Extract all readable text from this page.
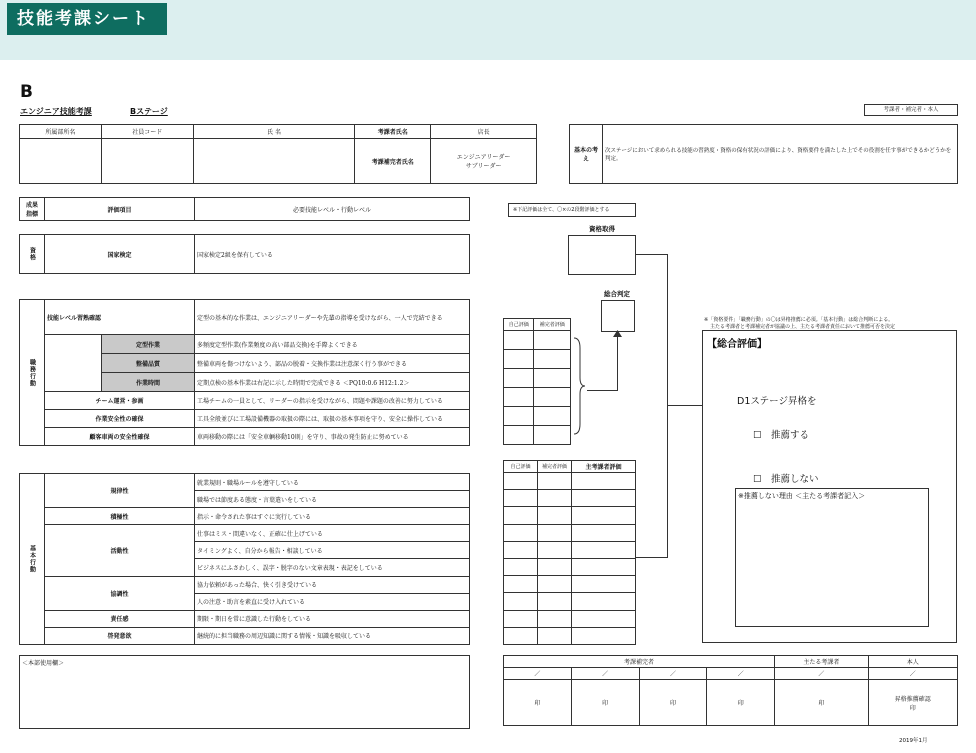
技能考課シート
B
エンジニア技能考課	Bステージ	考課者・補完者・本人
所属部所名	社員コード	氏 名	考課者氏名	店長
			考課補完者氏名	エンジニアリーダー
サブリーダー
基本の考え	次ステージにおいて求められる技能の習熟度・資格の保有状況の評価により、資格要件を満たした上でその役割を任す事ができるかどうかを判定。
成果
指標
	評価項目	必要技能レベル・行動レベル	※下記評価は全て、〇×の2段階評価とする
資格	国家検定	国家検定2級を保有している
資格取得
職務行動	技能レベル習熟確認		定型の基本的な作業は、エンジニアリーダーや先輩の指導を受けながら、一人で完結できる
		定型作業	多頻度定型作業(作業頻度の高い部品交換)を手際よくできる
		整備品質	整備車両を傷つけないよう、部品の脱着・交換作業は注意深く行う事ができる
		作業時間	定期点検の基本作業は右記に示した時間で完成できる ＜PQ10:0.6 H12:1.2＞
	チーム運営・参画		工場チームの一員として、リーダーの指示を受けながら、問題や課題の改善に努力している
	作業安全性の確保		工具全般並びに工場設備機器の取扱の際には、取扱の基本事項を守り、安全に操作している
	顧客車両の安全性確保		車両移動の際には「安全車輌移動10則」を守り、事故の発生防止に努めている
自己評価	補完者評価

総合判定
基本行動	規律性	就業規則・職場ルールを遵守している
		職場では節度ある態度・言葉遣いをしている
	積極性	指示・命令された事はすぐに実行している
	活動性	仕事はミス・間違いなく、正確に仕上げている
		タイミングよく、自分から報告・相談している
		ビジネスにふさわしく、誤字・脱字のない文章表現・表記をしている
	協調性	協力依頼があった場合、快く引き受けている
		人の注意・助言を素直に受け入れている
	責任感	期限・期日を常に意識した行動をしている
	啓発意欲	継続的に担当職務の周辺知識に関する情報・知識を吸収している
自己評価	補完者評価	主考課者評価

※「資格要件」「職務行動」の〇は昇格推薦に必須。「基本行動」は総合判断による。
主たる考課者と考課補完者が協議の上、主たる考課者責任において推薦可否を決定
【総合評価】
D1ステージ昇格を
☐　推薦する
☐　推薦しない
※推薦しない理由 ＜主たる考課者記入＞
＜本部使用欄＞	考課補完者				主たる考課者	本人
／	／	／	／	／	／
印	印	印	印	印	昇格推薦確認
印
2019年1月
